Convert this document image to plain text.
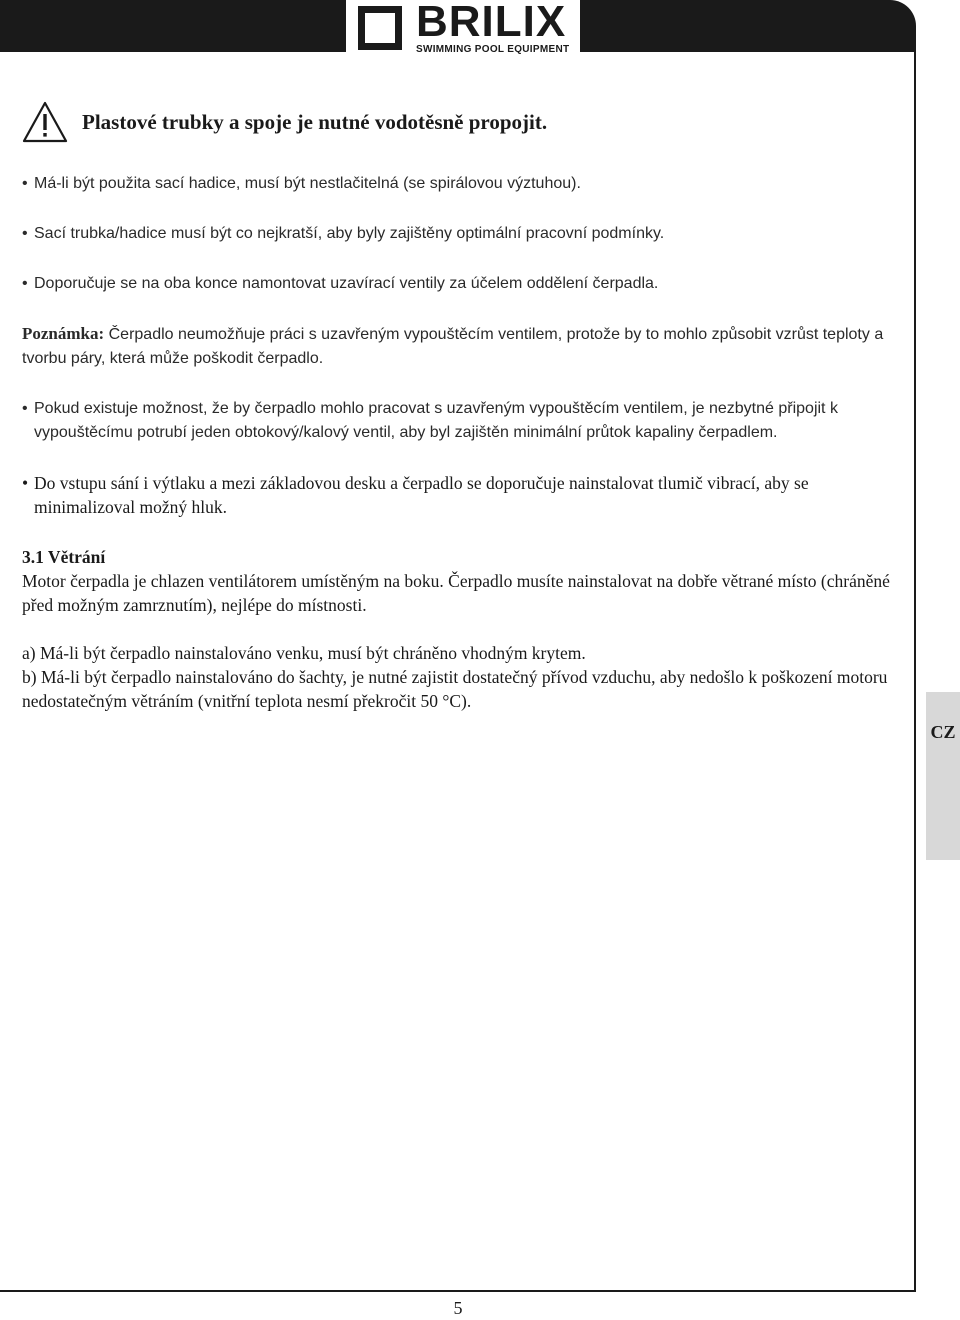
BRILIX
SWIMMING POOL EQUIPMENT
CZ
Plastové trubky a spoje je nutné vodotěsně propojit.

• Má-li být použita sací hadice, musí být nestlačitelná (se spirálovou výztuhou).

• Sací trubka/hadice musí být co nejkratší, aby byly zajištěny optimální pracovní podmínky.

• Doporučuje se na oba konce namontovat uzavírací ventily za účelem oddělení čerpadla.

Poznámka: Čerpadlo neumožňuje práci s uzavřeným vypouštěcím ventilem, protože by to mohlo způsobit vzrůst teploty a tvorbu páry, která může poškodit čerpadlo.

• Pokud existuje možnost, že by čerpadlo mohlo pracovat s uzavřeným vypouštěcím ventilem, je nezbytné připojit k vypouštěcímu potrubí jeden obtokový/kalový ventil, aby byl zajištěn minimální průtok kapaliny čerpadlem.

• Do vstupu sání i výtlaku a mezi základovou desku a čerpadlo se doporučuje nainstalovat tlumič vibrací, aby se minimalizoval možný hluk.

3.1 Větrání

Motor čerpadla je chlazen ventilátorem umístěným na boku. Čerpadlo musíte nainstalovat na dobře větrané místo (chráněné před možným zamrznutím), nejlépe do místnosti.

a) Má-li být čerpadlo nainstalováno venku, musí být chráněno vhodným krytem.

b) Má-li být čerpadlo nainstalováno do šachty, je nutné zajistit dostatečný přívod vzduchu, aby nedošlo k poškození motoru nedostatečným větráním (vnitřní teplota nesmí překročit 50 °C).

5
